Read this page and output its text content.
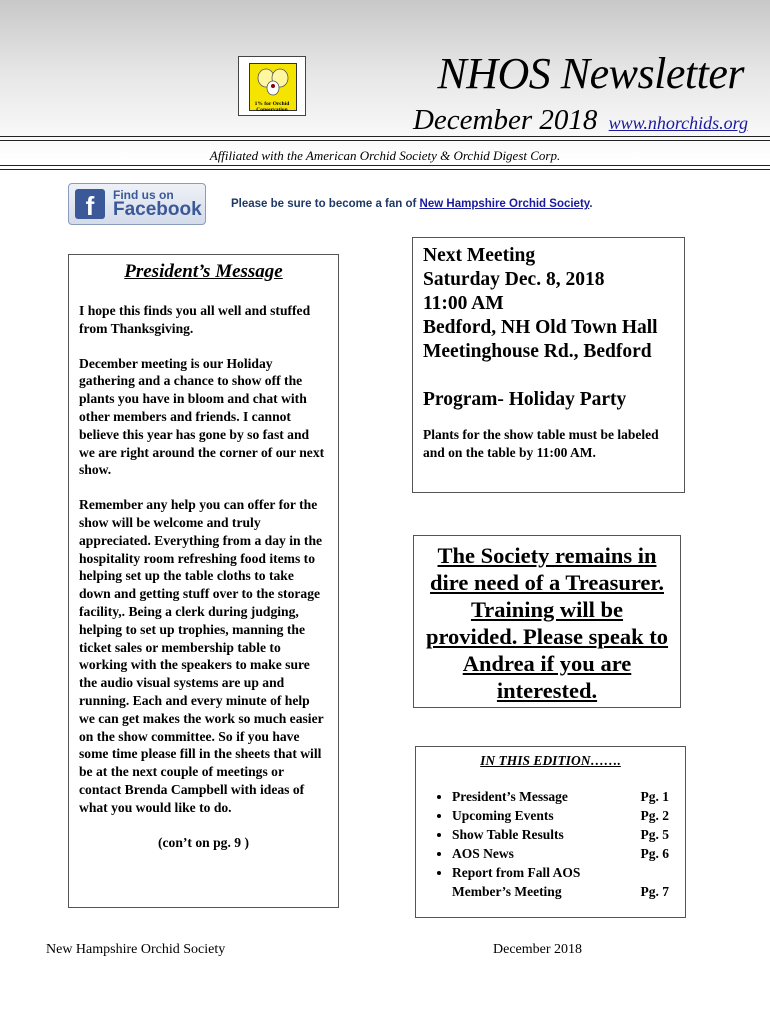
1% for Orchid Conservation
NHOS Newsletter
December 2018 www.nhorchids.org
Affiliated with the American Orchid Society & Orchid Digest Corp.
f	Find us on
Facebook	Please be sure to become a fan of New Hampshire Orchid Society.
President’s Message

I hope this finds you all well and stuffed from Thanksgiving.

December meeting is our Holiday gathering and a chance to show off the plants you have in bloom and chat with other members and friends. I cannot believe this year has gone by so fast and we are right around the corner of our next show.

Remember any help you can offer for the show will be welcome and truly appreciated. Everything from a day in the hospitality room refreshing food items to helping set up the table cloths to take down and getting stuff over to the storage facility,. Being a clerk during judging, helping to set up trophies, manning the ticket sales or membership table to working with the speakers to make sure the audio visual systems are up and running. Each and every minute of help we can get makes the work so much easier on the show committee. So if you have some time please fill in the sheets that will be at the next couple of meetings or contact Brenda Campbell with ideas of what you would like to do.

(con’t on pg. 9 )

Next Meeting
Saturday Dec. 8, 2018
11:00 AM
Bedford, NH Old Town Hall
Meetinghouse Rd., Bedford
Program- Holiday Party
Plants for the show table must be labeled and on the table by 11:00 AM.
The Society remains in
dire need of a Treasurer.
Training will be
provided. Please speak to
Andrea if you are
interested.
IN THIS EDITION…….
• President’s Message	Pg. 1
• Upcoming Events	Pg. 2
• Show Table Results	Pg. 5
• AOS News	Pg. 6
• Report from Fall AOS
Member’s Meeting	Pg. 7
New Hampshire Orchid Society	December 2018
